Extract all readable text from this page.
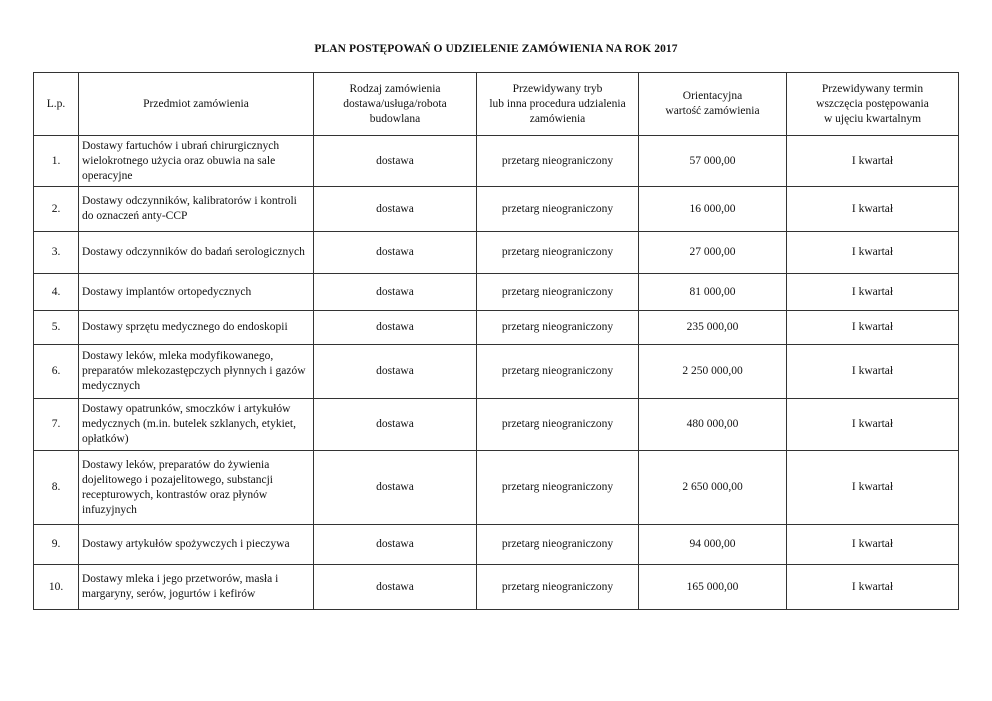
PLAN POSTĘPOWAŃ O UDZIELENIE ZAMÓWIENIA NA ROK 2017
L.p.	Przedmiot zamówienia	Rodzaj zamówienia
dostawa/usługa/robota
budowlana	Przewidywany tryb
lub inna procedura udzialenia
zamówienia	Orientacyjna
wartość zamówienia	Przewidywany termin
wszczęcia postępowania
w ujęciu kwartalnym
1.	Dostawy fartuchów i ubrań chirurgicznych wielokrotnego użycia oraz obuwia na sale operacyjne	dostawa	przetarg nieograniczony	57 000,00	I kwartał
2.	Dostawy odczynników, kalibratorów i kontroli do oznaczeń anty-CCP	dostawa	przetarg nieograniczony	16 000,00	I kwartał
3.	Dostawy odczynników do badań serologicznych	dostawa	przetarg nieograniczony	27 000,00	I kwartał
4.	Dostawy implantów ortopedycznych	dostawa	przetarg nieograniczony	81 000,00	I kwartał
5.	Dostawy sprzętu medycznego do endoskopii	dostawa	przetarg nieograniczony	235 000,00	I kwartał
6.	Dostawy leków, mleka modyfikowanego, preparatów mlekozastępczych płynnych i gazów medycznych	dostawa	przetarg nieograniczony	2 250 000,00	I kwartał
7.	Dostawy opatrunków, smoczków i artykułów medycznych (m.in. butelek szklanych, etykiet, opłatków)	dostawa	przetarg nieograniczony	480 000,00	I kwartał
8.	Dostawy leków, preparatów do żywienia dojelitowego i pozajelitowego, substancji recepturowych, kontrastów oraz płynów infuzyjnych	dostawa	przetarg nieograniczony	2 650 000,00	I kwartał
9.	Dostawy artykułów spożywczych i pieczywa	dostawa	przetarg nieograniczony	94 000,00	I kwartał
10.	Dostawy mleka i jego przetworów, masła i margaryny, serów, jogurtów i kefirów	dostawa	przetarg nieograniczony	165 000,00	I kwartał
